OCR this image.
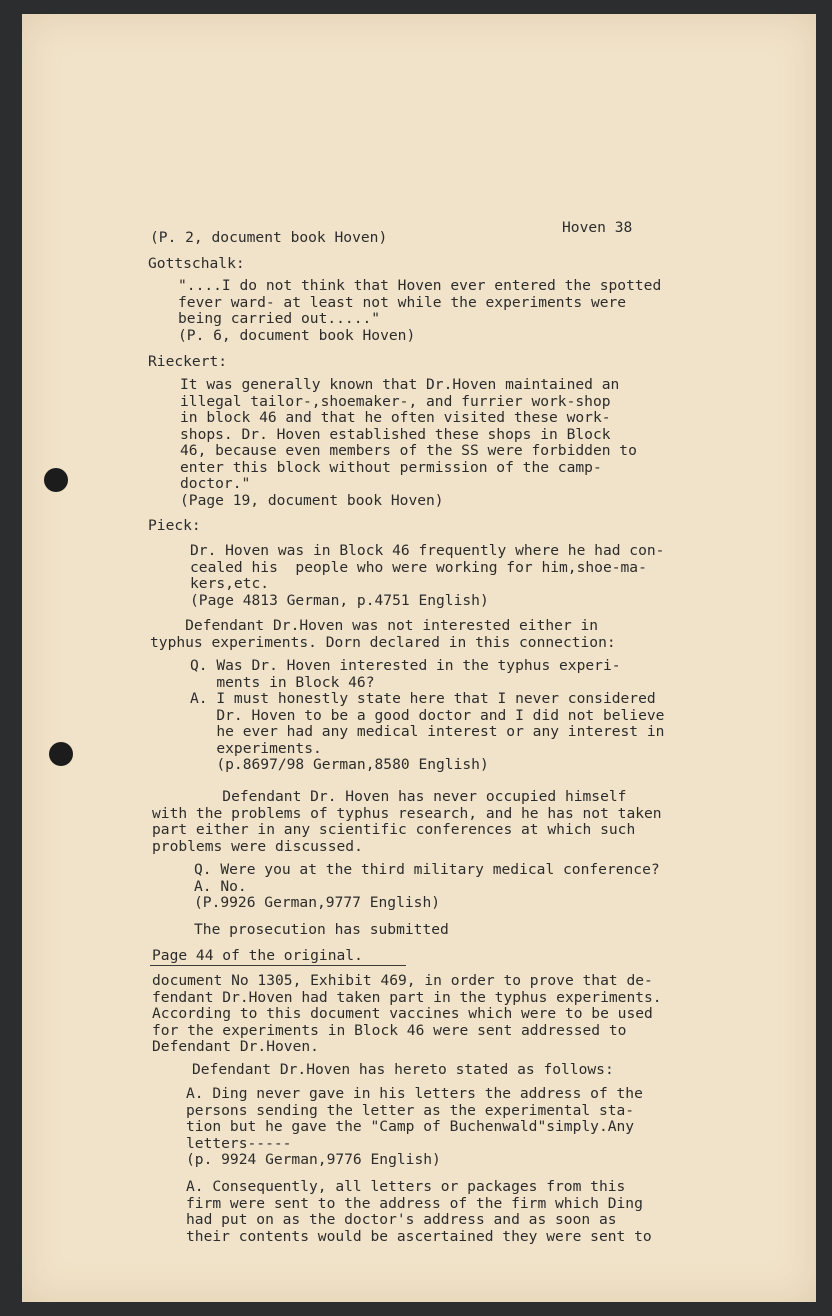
Hoven 38

(P. 2, document book Hoven)

Gottschalk:

"....I do not think that Hoven ever entered the spotted
fever ward- at least not while the experiments were
being carried out....."
(P. 6, document book Hoven)

Rieckert:

It was generally known that Dr.Hoven maintained an
illegal tailor-,shoemaker-, and furrier work-shop
in block 46 and that he often visited these work-
shops. Dr. Hoven established these shops in Block
46, because even members of the SS were forbidden to
enter this block without permission of the camp-
doctor."
(Page 19, document book Hoven)

Pieck:

Dr. Hoven was in Block 46 frequently where he had con-
cealed his  people who were working for him,shoe-ma-
kers,etc.
(Page 4813 German, p.4751 English)

Defendant Dr.Hoven was not interested either in
typhus experiments. Dorn declared in this connection:

Q. Was Dr. Hoven interested in the typhus experi-
ments in Block 46?
A. I must honestly state here that I never considered
Dr. Hoven to be a good doctor and I did not believe
he ever had any medical interest or any interest in
experiments.
(p.8697/98 German,8580 English)

Defendant Dr. Hoven has never occupied himself
with the problems of typhus research, and he has not taken
part either in any scientific conferences at which such
problems were discussed.

Q. Were you at the third military medical conference?
A. No.
(P.9926 German,9777 English)

The prosecution has submitted

Page 44 of the original.

document No 1305, Exhibit 469, in order to prove that de-
fendant Dr.Hoven had taken part in the typhus experiments.
According to this document vaccines which were to be used
for the experiments in Block 46 were sent addressed to
Defendant Dr.Hoven.

Defendant Dr.Hoven has hereto stated as follows:

A. Ding never gave in his letters the address of the
persons sending the letter as the experimental sta-
tion but he gave the "Camp of Buchenwald"simply.Any
letters-----
(p. 9924 German,9776 English)

A. Consequently, all letters or packages from this
firm were sent to the address of the firm which Ding
had put on as the doctor's address and as soon as
their contents would be ascertained they were sent to
